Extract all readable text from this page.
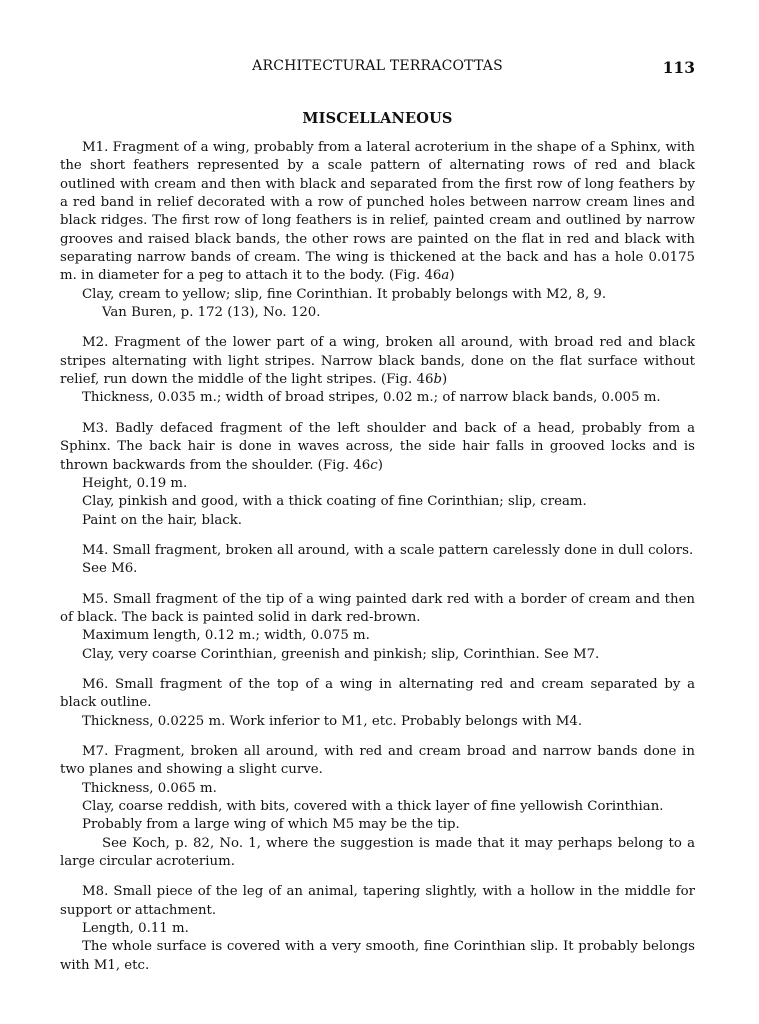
ARCHITECTURAL TERRACOTTAS	113
MISCELLANEOUS

M1. Fragment of a wing, probably from a lateral acroterium in the shape of a Sphinx, with the short feathers represented by a scale pattern of alternating rows of red and black outlined with cream and then with black and separated from the first row of long feathers by a red band in relief decorated with a row of punched holes between narrow cream lines and black ridges. The first row of long feathers is in relief, painted cream and outlined by narrow grooves and raised black bands, the other rows are painted on the flat in red and black with separating narrow bands of cream. The wing is thickened at the back and has a hole 0.0175 m. in diameter for a peg to attach it to the body. (Fig. 46a)

Clay, cream to yellow; slip, fine Corinthian. It probably belongs with M2, 8, 9.

Van Buren, p. 172 (13), No. 120.

M2. Fragment of the lower part of a wing, broken all around, with broad red and black stripes alternating with light stripes. Narrow black bands, done on the flat surface without relief, run down the middle of the light stripes. (Fig. 46b)

Thickness, 0.035 m.; width of broad stripes, 0.02 m.; of narrow black bands, 0.005 m.

M3. Badly defaced fragment of the left shoulder and back of a head, probably from a Sphinx. The back hair is done in waves across, the side hair falls in grooved locks and is thrown backwards from the shoulder. (Fig. 46c)

Height, 0.19 m.

Clay, pinkish and good, with a thick coating of fine Corinthian; slip, cream.

Paint on the hair, black.

M4. Small fragment, broken all around, with a scale pattern carelessly done in dull colors.

See M6.

M5. Small fragment of the tip of a wing painted dark red with a border of cream and then of black. The back is painted solid in dark red-brown.

Maximum length, 0.12 m.; width, 0.075 m.

Clay, very coarse Corinthian, greenish and pinkish; slip, Corinthian. See M7.

M6. Small fragment of the top of a wing in alternating red and cream separated by a black outline.

Thickness, 0.0225 m. Work inferior to M1, etc. Probably belongs with M4.

M7. Fragment, broken all around, with red and cream broad and narrow bands done in two planes and showing a slight curve.

Thickness, 0.065 m.

Clay, coarse reddish, with bits, covered with a thick layer of fine yellowish Corinthian.

Probably from a large wing of which M5 may be the tip.

See Koch, p. 82, No. 1, where the suggestion is made that it may perhaps belong to a large circular acroterium.

M8. Small piece of the leg of an animal, tapering slightly, with a hollow in the middle for support or attachment.

Length, 0.11 m.

The whole surface is covered with a very smooth, fine Corinthian slip. It probably belongs with M1, etc.
